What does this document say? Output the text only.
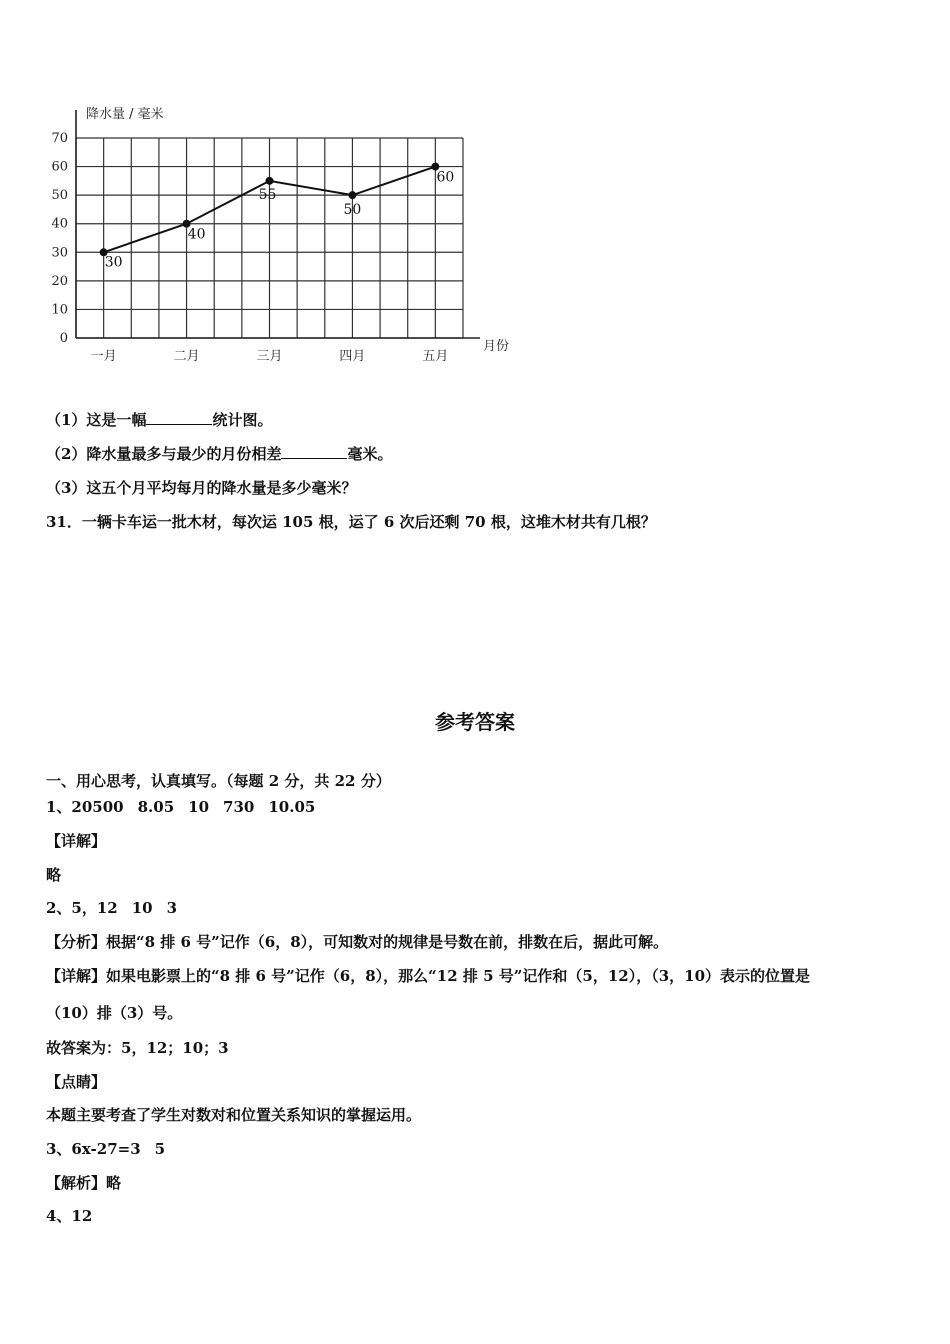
0
10
20
30
40
50
60
70
一月	二月	三月	四月	五月
30
40
55
50
60
降水量 / 毫米
月份
（1）这是一幅	统计图。
（2）降水量最多与最少的月份相差	毫米。
（3）这五个月平均每月的降水量是多少毫米？
31．一辆卡车运一批木材，每次运 105 根，运了 6 次后还剩 70 根，这堆木材共有几根？
参考答案
一、用心思考，认真填写。（每题 2 分，共 22 分）
1、20500 8.05 10 730 10.05
【详解】
略
2、5，12 10 3
【分析】根据“8 排 6 号”记作（6，8），可知数对的规律是号数在前，排数在后，据此可解。
【详解】如果电影票上的“8 排 6 号”记作（6，8），那么“12 排 5 号”记作和（5，12），（3，10）表示的位置是
（10）排（3）号。
故答案为：5，12；10；3
【点睛】
本题主要考查了学生对数对和位置关系知识的掌握运用。
3、6x-27=3 5
【解析】略
4、12
